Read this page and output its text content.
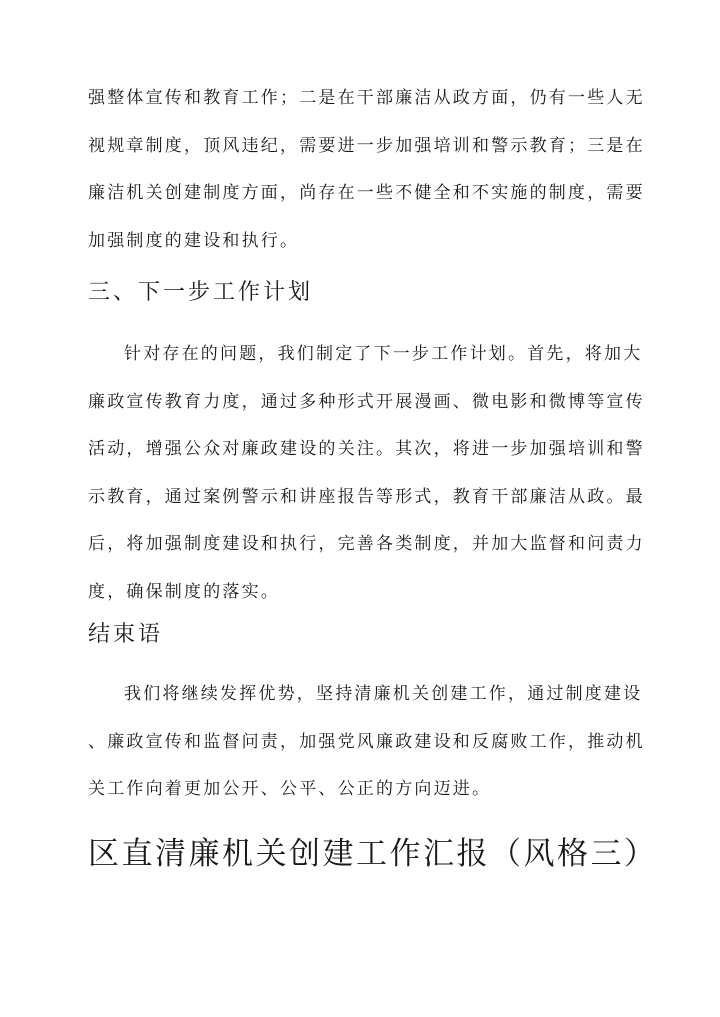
强整体宣传和教育工作；二是在干部廉洁从政方面，仍有一些人无

视规章制度，顶风违纪，需要进一步加强培训和警示教育；三是在

廉洁机关创建制度方面，尚存在一些不健全和不实施的制度，需要

加强制度的建设和执行。

三、下一步工作计划

针对存在的问题，我们制定了下一步工作计划。首先，将加大

廉政宣传教育力度，通过多种形式开展漫画、微电影和微博等宣传

活动，增强公众对廉政建设的关注。其次，将进一步加强培训和警

示教育，通过案例警示和讲座报告等形式，教育干部廉洁从政。最

后，将加强制度建设和执行，完善各类制度，并加大监督和问责力

度，确保制度的落实。

结束语

我们将继续发挥优势，坚持清廉机关创建工作，通过制度建设

、廉政宣传和监督问责，加强党风廉政建设和反腐败工作，推动机

关工作向着更加公开、公平、公正的方向迈进。

区直清廉机关创建工作汇报（风格三）
